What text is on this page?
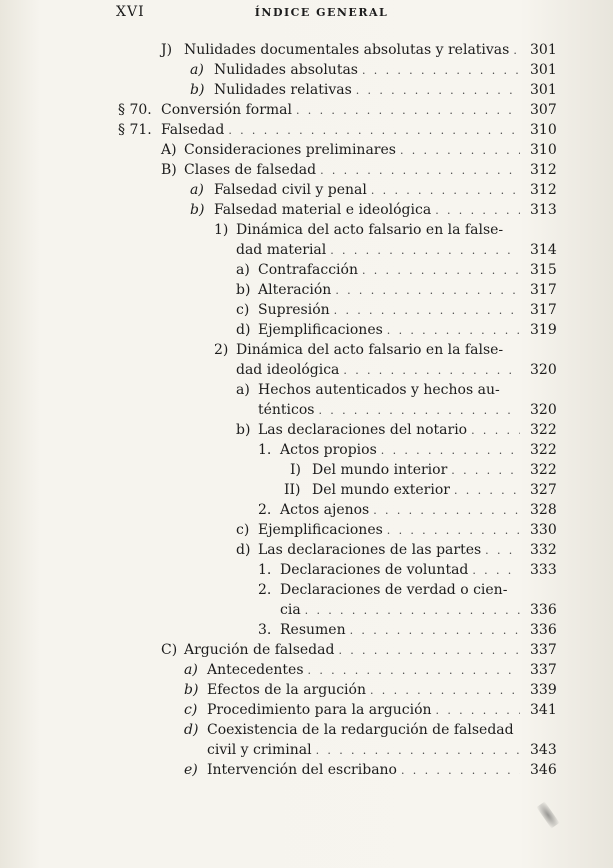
XVI	ÍNDICE GENERAL
J) Nulidades documentales absolutas y relativas . . . 301
a) Nulidades absolutas . . .	301
b) Nulidades relativas . . .	301
§ 70. Conversión formal . . .	307
§ 71. Falsedad . . .	310
A) Consideraciones preliminares . . .	310
B) Clases de falsedad . . .	312
a) Falsedad civil y penal . . .	312
b) Falsedad material e ideológica . . .	313
1) Dinámica del acto falsario en la false-
dad material . . .	314
a) Contrafacción . . .	315
b) Alteración . . .	317
c) Supresión . . .	317
d) Ejemplificaciones . . .	319
2) Dinámica del acto falsario en la false-
dad ideológica . . .	320
a) Hechos autenticados y hechos au-
ténticos . . .	320
b) Las declaraciones del notario . . .	322
1. Actos propios . . .	322
I) Del mundo interior . . .	322
II) Del mundo exterior . . .	327
2. Actos ajenos . . .	328
c) Ejemplificaciones . . .	330
d) Las declaraciones de las partes . . .	332
1. Declaraciones de voluntad . . .	333
2. Declaraciones de verdad o cien-
cia . . .	336
3. Resumen . . .	336
C) Argución de falsedad . . .	337
a) Antecedentes . . .	337
b) Efectos de la argución . . .	339
c) Procedimiento para la argución . . .	341
d) Coexistencia de la redargución de falsedad
civil y criminal . . .	343
e) Intervención del escribano . . .	346
